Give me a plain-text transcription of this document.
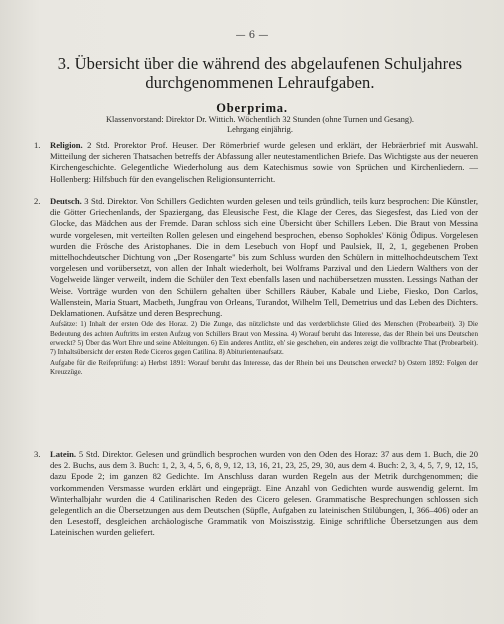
— 6 —
3. Übersicht über die während des abgelaufenen Schuljahres
durchgenommenen Lehraufgaben.
Oberprima.
Klassenvorstand: Direktor Dr. Wittich. Wöchentlich 32 Stunden (ohne Turnen und Gesang).
Lehrgang einjährig.
1. Religion. 2 Std. Prorektor Prof. Heuser. Der Römerbrief wurde gelesen und erklärt, der Hebräerbrief mit Auswahl. Mitteilung der sicheren Thatsachen betreffs der Abfassung aller neutestamentlichen Briefe. Das Wichtigste aus der neueren Kirchengeschichte. Gelegentliche Wiederholung aus dem Katechismus sowie von Sprüchen und Kirchenliedern. — Hollenberg: Hilfsbuch für den evangelischen Religionsunterricht.
2. Deutsch. 3 Std. Direktor. Von Schillers Gedichten wurden gelesen und teils gründlich, teils kurz besprochen: Die Künstler, die Götter Griechenlands, der Spaziergang, das Eleusische Fest, die Klage der Ceres, das Siegesfest, das Lied von der Glocke, das Mädchen aus der Fremde. Daran schloss sich eine Übersicht über Schillers Leben. Die Braut von Messina wurde vorgelesen, mit verteilten Rollen gelesen und eingehend besprochen, ebenso Sophokles' König Ödipus. Vorgelesen wurden die Frösche des Aristophanes. Die in dem Lesebuch von Hopf und Paulsiek, II, 2, 1, gegebenen Proben mittelhochdeutscher Dichtung von „Der Rosengarte" bis zum Schluss wurden den Schülern in mittelhochdeutschem Text vorgelesen und vorübersetzt, von allen der Inhalt wiederholt, bei Wolframs Parzival und den Liedern Walthers von der Vogelweide länger verweilt, indem die Schüler den Text ebenfalls lasen und nachübersetzen mussten. Lessings Nathan der Weise. Vorträge wurden von den Schülern gehalten über Schillers Räuber, Kabale und Liebe, Fiesko, Don Carlos, Wallenstein, Maria Stuart, Macbeth, Jungfrau von Orleans, Turandot, Wilhelm Tell, Demetrius und das Leben des Dichters. Deklamationen. Aufsätze und deren Besprechung.
Aufsätze: 1) Inhalt der ersten Ode des Horaz. 2) Die Zunge, das nützlichste und das verderblichste Glied des Menschen (Probearbeit). 3) Die Bedeutung des achten Auftritts im ersten Aufzug von Schillers Braut von Messina. 4) Worauf beruht das Interesse, das der Rhein bei uns Deutschen erweckt? 5) Über das Wort Ehre und seine Ableitungen. 6) Ein anderes Antlitz, eh' sie geschehen, ein anderes zeigt die vollbrachte That (Probearbeit). 7) Inhaltsübersicht der ersten Rede Ciceros gegen Catilina. 8) Abiturientenaufsatz.
Aufgabe für die Reifeprüfung: a) Herbst 1891: Worauf beruht das Interesse, das der Rhein bei uns Deutschen erweckt? b) Ostern 1892: Folgen der Kreuzzüge.
3. Latein. 5 Std. Direktor. Gelesen und gründlich besprochen wurden von den Oden des Horaz: 37 aus dem 1. Buch, die 20 des 2. Buchs, aus dem 3. Buch: 1, 2, 3, 4, 5, 6, 8, 9, 12, 13, 16, 21, 23, 25, 29, 30, aus dem 4. Buch: 2, 3, 4, 5, 7, 9, 12, 15, dazu Epode 2; im ganzen 82 Gedichte. Im Anschluss daran wurden Regeln aus der Metrik durchgenommen; die vorkommenden Versmasse wurden erklärt und eingeprägt. Eine Anzahl von Gedichten wurde auswendig gelernt. Im Winterhalbjahr wurden die 4 Catilinarischen Reden des Cicero gelesen. Grammatische Besprechungen schlossen sich gelegentlich an die Übersetzungen aus dem Deutschen (Süpfle, Aufgaben zu lateinischen Stilübungen, I, 366–406) oder an den Lesestoff, desgleichen archäologische Grammatik von Moiszisstzig. Einige schriftliche Übersetzungen aus dem Lateinischen wurden geliefert.
